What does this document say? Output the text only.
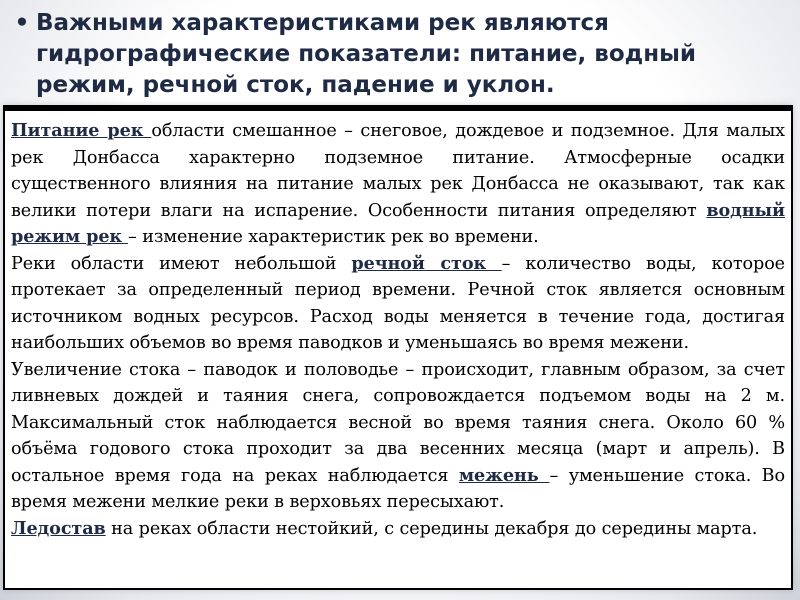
• Важными характеристиками рек являются гидрографические показатели: питание, водный режим, речной сток, падение и уклон.

Питание рек области смешанное – снеговое, дождевое и подземное. Для малых рек Донбасса характерно подземное питание. Атмосферные осадки существенного влияния на питание малых рек Донбасса не оказывают, так как велики потери влаги на испарение. Особенности питания определяют водный режим рек – изменение характеристик рек во времени.

Реки области имеют небольшой речной сток – количество воды, которое протекает за определенный период времени. Речной сток является основным источником водных ресурсов. Расход воды меняется в течение года, достигая наибольших объемов во время паводков и уменьшаясь во время межени.

Увеличение стока – паводок и половодье – происходит, главным образом, за счет ливневых дождей и таяния снега, сопровождается подъемом воды на 2 м. Максимальный сток наблюдается весной во время таяния снега. Около 60 % объёма годового стока проходит за два весенних месяца (март и апрель). В остальное время года на реках наблюдается межень – уменьшение стока. Во время межени мелкие реки в верховьях пересыхают.

Ледостав на реках области нестойкий, с середины декабря до середины марта.
